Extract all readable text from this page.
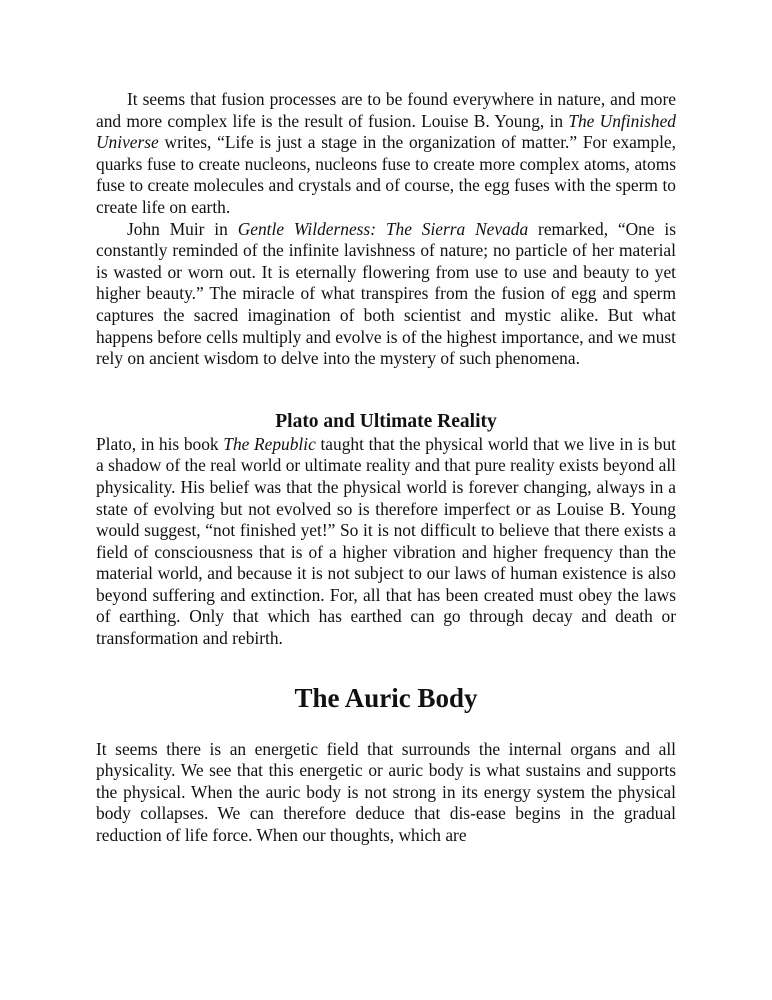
It seems that fusion processes are to be found everywhere in nature, and more and more complex life is the result of fusion. Louise B. Young, in The Unfinished Universe writes, “Life is just a stage in the organization of matter.” For example, quarks fuse to create nucleons, nucleons fuse to create more complex atoms, atoms fuse to create molecules and crystals and of course, the egg fuses with the sperm to create life on earth.

John Muir in Gentle Wilderness: The Sierra Nevada remarked, “One is constantly reminded of the infinite lavishness of nature; no particle of her material is wasted or worn out. It is eternally flowering from use to use and beauty to yet higher beauty.” The miracle of what transpires from the fusion of egg and sperm captures the sacred imagination of both scientist and mystic alike. But what happens before cells multiply and evolve is of the highest importance, and we must rely on ancient wisdom to delve into the mystery of such phenomena.

Plato and Ultimate Reality

Plato, in his book The Republic taught that the physical world that we live in is but a shadow of the real world or ultimate reality and that pure reality exists beyond all physicality. His belief was that the physical world is forever changing, always in a state of evolving but not evolved so is therefore imperfect or as Louise B. Young would suggest, “not finished yet!” So it is not difficult to believe that there exists a field of consciousness that is of a higher vibration and higher frequency than the material world, and because it is not subject to our laws of human existence is also beyond suffering and extinction. For, all that has been created must obey the laws of earthing. Only that which has earthed can go through decay and death or transformation and rebirth.

The Auric Body

It seems there is an energetic field that surrounds the internal organs and all physicality. We see that this energetic or auric body is what sustains and supports the physical. When the auric body is not strong in its energy system the physical body collapses. We can therefore deduce that dis-ease begins in the gradual reduction of life force. When our thoughts, which are
